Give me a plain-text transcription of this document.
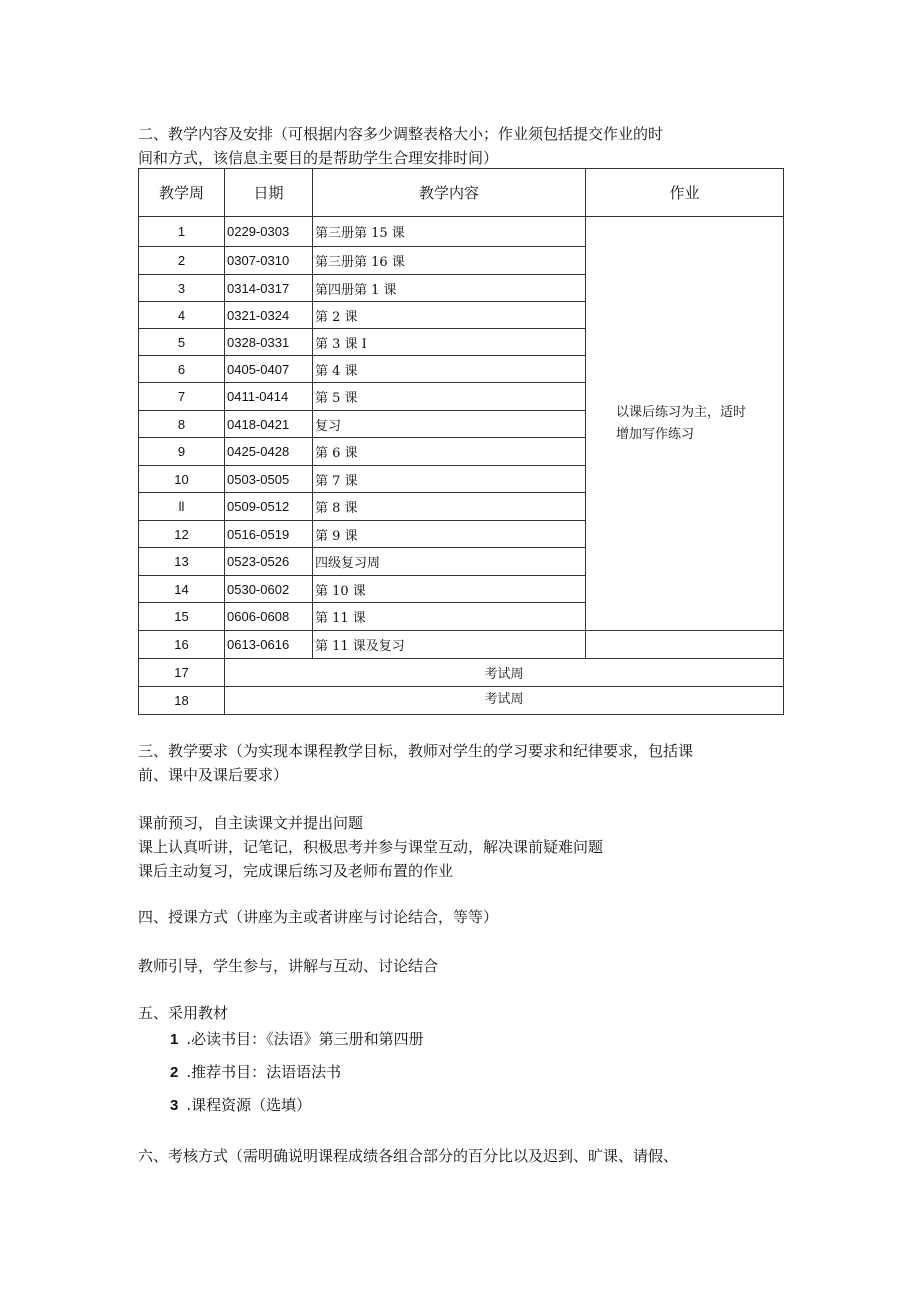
二、教学内容及安排（可根据内容多少调整表格大小；作业须包括提交作业的时

间和方式，该信息主要目的是帮助学生合理安排时间）

教学周	日期	教学内容	作业
1	0229-0303	第三册第 15 课	以课后练习为主，适时
增加写作练习

2	0307-0310	第三册第 16 课	
3	0314-0317	第四册第 1 课	
4	0321-0324	第 2 课	
5	0328-0331	第 3 课 I	
6	0405-0407	第 4 课	
7	0411-0414	第 5 课	
8	0418-0421	复习	
9	0425-0428	第 6 课	
10	0503-0505	第 7 课	
ll	0509-0512	第 8 课	
12	0516-0519	第 9 课	
13	0523-0526	四级复习周	
14	0530-0602	第 10 课	
15	0606-0608	第 11 课	
16	0613-0616	第 11 课及复习	
17	考试周		
18	考试周		

三、教学要求（为实现本课程教学目标，教师对学生的学习要求和纪律要求，包括课

前、课中及课后要求）

课前预习，自主读课文并提出问题

课上认真听讲，记笔记，积极思考并参与课堂互动，解决课前疑难问题

课后主动复习，完成课后练习及老师布置的作业

四、授课方式（讲座为主或者讲座与讨论结合，等等）

教师引导，学生参与，讲解与互动、讨论结合

五、采用教材

1 .必读书目：《法语》第三册和第四册
2 .推荐书目：法语语法书
3 .课程资源（选填）

六、考核方式（需明确说明课程成绩各组合部分的百分比以及迟到、旷课、请假、
